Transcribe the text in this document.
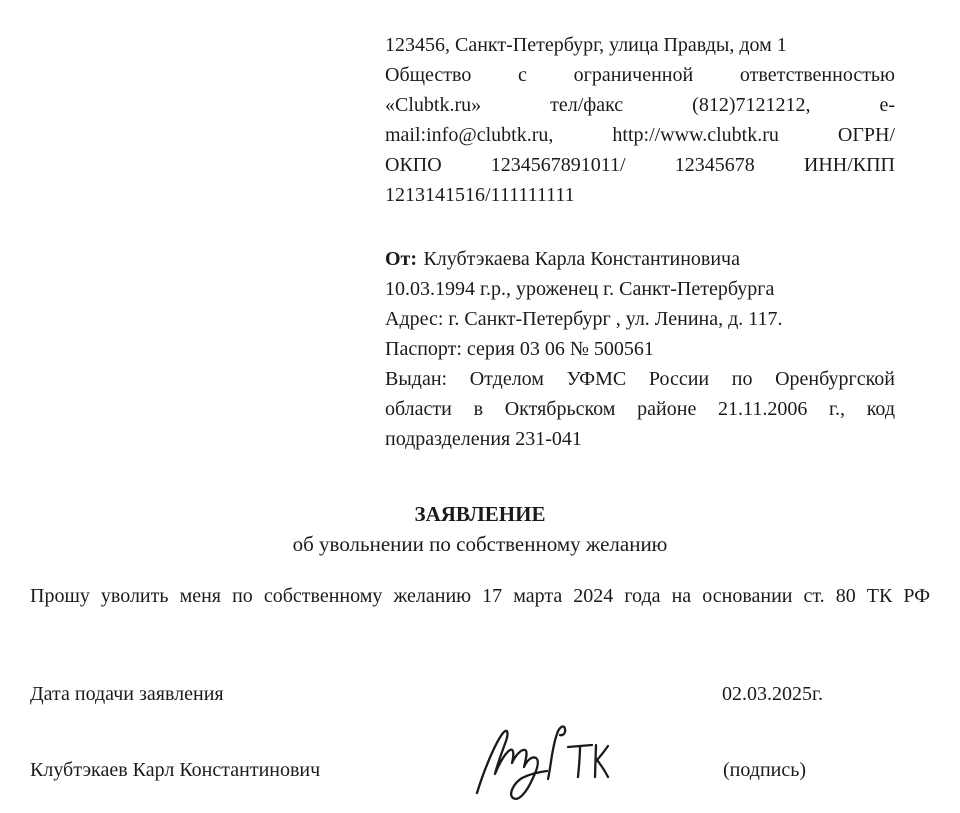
123456, Санкт-Петербург, улица Правды, дом 1
Общество с ограниченной ответственностью
«Clubtk.ru» тел/факс (812)7121212, e-
mail:info@clubtk.ru, http://www.clubtk.ru ОГРН/
ОКПО 1234567891011/ 12345678 ИНН/КПП
1213141516/111111111
От: Клубтэкаева Карла Константиновича
10.03.1994 г.р., уроженец г. Санкт-Петербурга
Адрес: г. Санкт-Петербург , ул. Ленина, д. 117.
Паспорт: серия 03 06 № 500561
Выдан: Отделом УФМС России по Оренбургской
области в Октябрьском районе 21.11.2006 г., код
подразделения 231-041
ЗАЯВЛЕНИЕ
об увольнении по собственному желанию
Прошу уволить меня по собственному желанию 17 марта 2024 года на основании ст. 80 ТК РФ
Дата подачи заявления	02.03.2025г.
Клубтэкаев Карл Константинович	(подпись)
